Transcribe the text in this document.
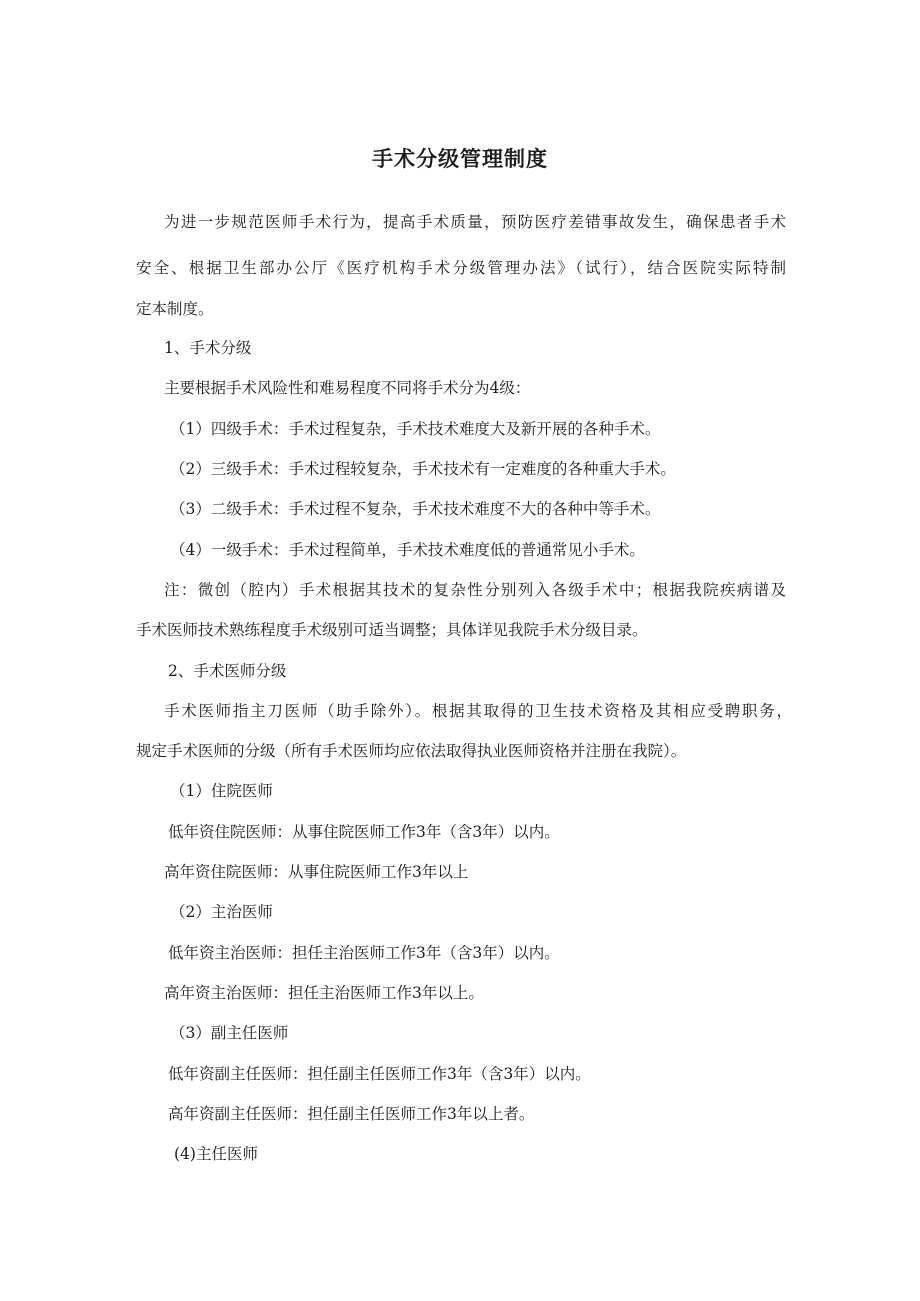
手术分级管理制度

为进一步规范医师手术行为，提高手术质量，预防医疗差错事故发生，确保患者手术

安全、根据卫生部办公厅《医疗机构手术分级管理办法》（试行），结合医院实际特制

定本制度。

1、手术分级

主要根据手术风险性和难易程度不同将手术分为4级：

（1）四级手术：手术过程复杂，手术技术难度大及新开展的各种手术。

（2）三级手术：手术过程较复杂，手术技术有一定难度的各种重大手术。

（3）二级手术：手术过程不复杂，手术技术难度不大的各种中等手术。

（4）一级手术：手术过程简单，手术技术难度低的普通常见小手术。

注：微创（腔内）手术根据其技术的复杂性分别列入各级手术中；根据我院疾病谱及

手术医师技术熟练程度手术级别可适当调整；具体详见我院手术分级目录。

2、手术医师分级

手术医师指主刀医师（助手除外）。根据其取得的卫生技术资格及其相应受聘职务，

规定手术医师的分级（所有手术医师均应依法取得执业医师资格并注册在我院）。

（1）住院医师

低年资住院医师：从事住院医师工作3年（含3年）以内。

高年资住院医师：从事住院医师工作3年以上

（2）主治医师

低年资主治医师：担任主治医师工作3年（含3年）以内。

高年资主治医师：担任主治医师工作3年以上。

（3）副主任医师

低年资副主任医师：担任副主任医师工作3年（含3年）以内。

高年资副主任医师：担任副主任医师工作3年以上者。

(4)主任医师
